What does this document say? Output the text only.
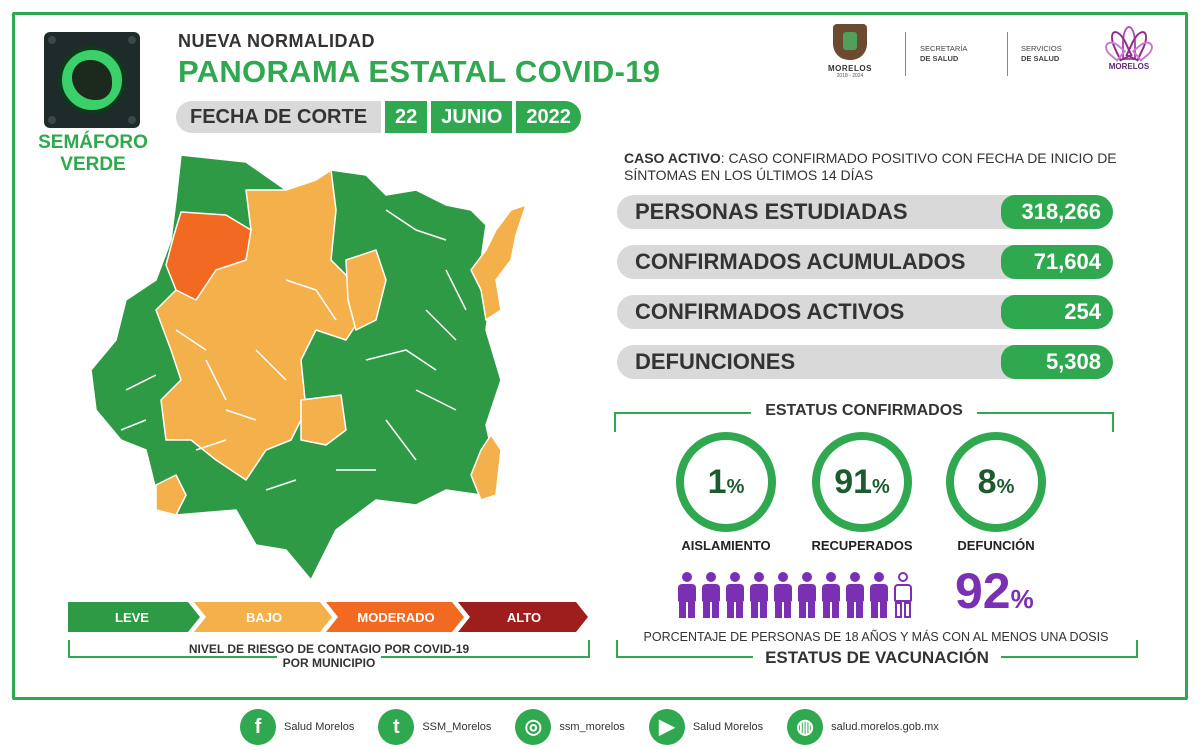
SEMÁFORO
VERDE
NUEVA NORMALIDAD
PANORAMA ESTATAL COVID-19
FECHA DE CORTE	22	JUNIO	2022
MORELOS
2018 - 2024
SECRETARÍA
DE SALUD
SERVICIOS
DE SALUD
MORELOS
LEVE	BAJO	MODERADO	ALTO
NIVEL DE RIESGO DE CONTAGIO POR COVID-19
POR MUNICIPIO
CASO ACTIVO: CASO CONFIRMADO POSITIVO CON FECHA DE INICIO DE SÍNTOMAS EN LOS ÚLTIMOS 14 DÍAS
PERSONAS ESTUDIADAS	318,266
CONFIRMADOS ACUMULADOS	71,604
CONFIRMADOS ACTIVOS	254
DEFUNCIONES	5,308
ESTATUS CONFIRMADOS
1%	91%	8%
AISLAMIENTO	RECUPERADOS	DEFUNCIÓN
92%
PORCENTAJE DE PERSONAS DE 18 AÑOS Y MÁS CON AL MENOS UNA DOSIS
ESTATUS DE VACUNACIÓN
f	Salud Morelos	t	SSM_Morelos	◎	ssm_morelos	▶	Salud Morelos	◍	salud.morelos.gob.mx
